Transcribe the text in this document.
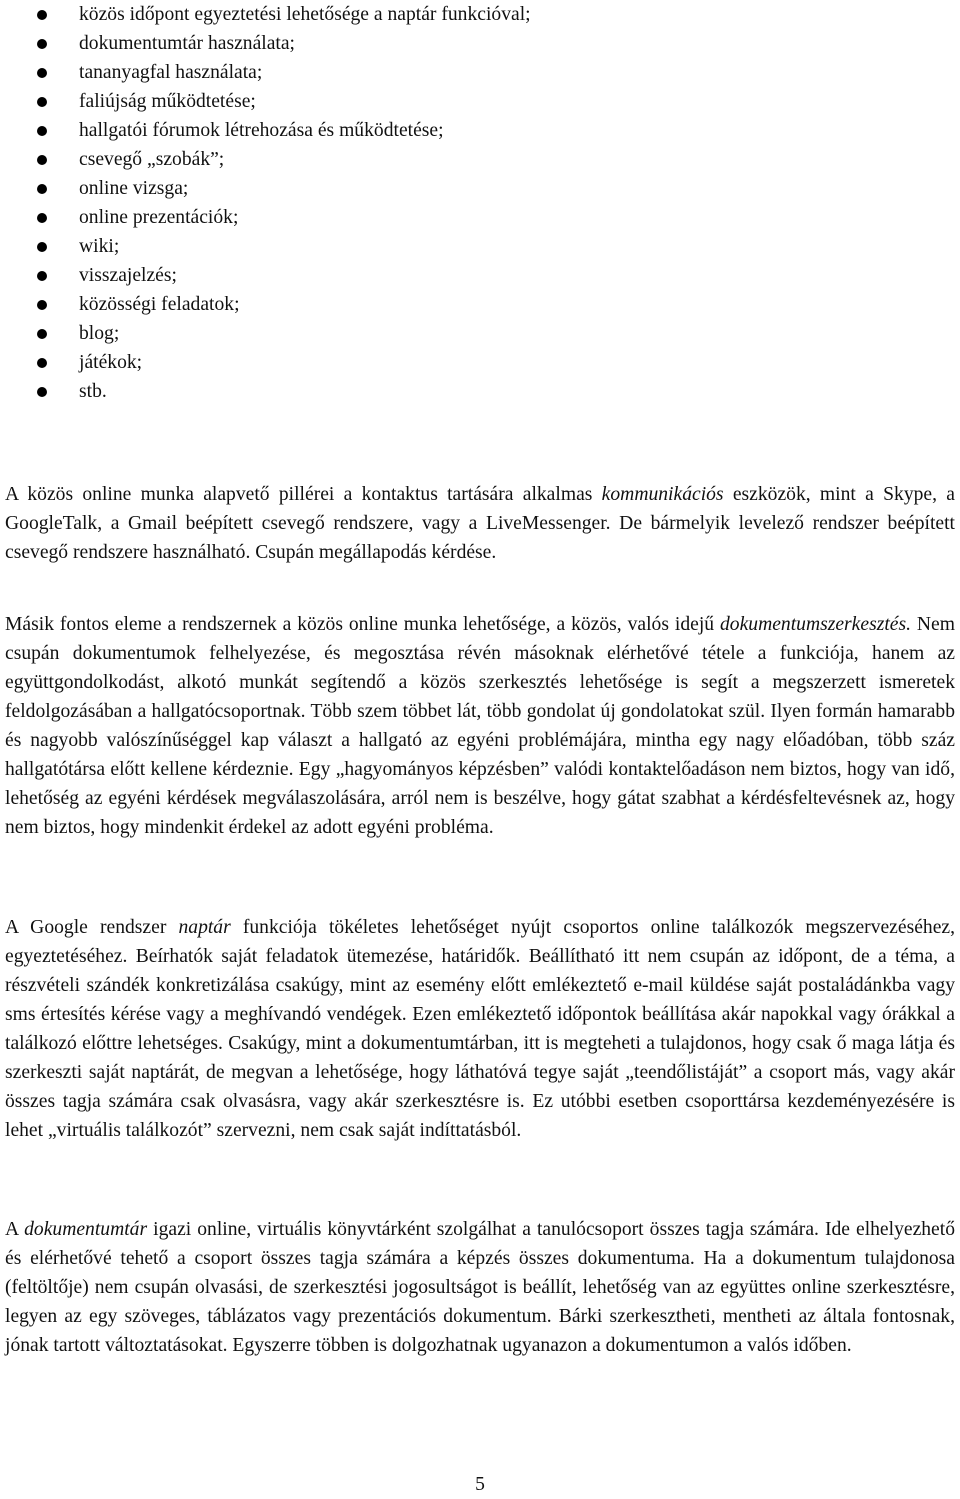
közös időpont egyeztetési lehetősége a naptár funkcióval;
dokumentumtár használata;
tananyagfal használata;
faliújság működtetése;
hallgatói fórumok létrehozása és működtetése;
csevegő „szobák”;
online vizsga;
online prezentációk;
wiki;
visszajelzés;
közösségi feladatok;
blog;
játékok;
stb.

A közös online munka alapvető pillérei a kontaktus tartására alkalmas kommunikációs eszközök, mint a Skype, a GoogleTalk, a Gmail beépített csevegő rendszere, vagy a LiveMessenger. De bármelyik levelező rendszer beépített csevegő rendszere használható. Csupán megállapodás kérdése.

Másik fontos eleme a rendszernek a közös online munka lehetősége, a közös, valós idejű dokumentumszerkesztés. Nem csupán dokumentumok felhelyezése, és megosztása révén másoknak elérhetővé tétele a funkciója, hanem az együttgondolkodást, alkotó munkát segítendő a közös szerkesztés lehetősége is segít a megszerzett ismeretek feldolgozásában a hallgatócsoportnak. Több szem többet lát, több gondolat új gondolatokat szül. Ilyen formán hamarabb és nagyobb valószínűséggel kap választ a hallgató az egyéni problémájára, mintha egy nagy előadóban, több száz hallgatótársa előtt kellene kérdeznie. Egy „hagyományos képzésben” valódi kontaktelőadáson nem biztos, hogy van idő, lehetőség az egyéni kérdések megválaszolására, arról nem is beszélve, hogy gátat szabhat a kérdésfeltevésnek az, hogy nem biztos, hogy mindenkit érdekel az adott egyéni probléma.

A Google rendszer naptár funkciója tökéletes lehetőséget nyújt csoportos online találkozók megszervezéséhez, egyeztetéséhez. Beírhatók saját feladatok ütemezése, határidők. Beállítható itt nem csupán az időpont, de a téma, a részvételi szándék konkretizálása csakúgy, mint az esemény előtt emlékeztető e-mail küldése saját postaládánkba vagy sms értesítés kérése vagy a meghívandó vendégek. Ezen emlékeztető időpontok beállítása akár napokkal vagy órákkal a találkozó előttre lehetséges. Csakúgy, mint a dokumentumtárban, itt is megteheti a tulajdonos, hogy csak ő maga látja és szerkeszti saját naptárát, de megvan a lehetősége, hogy láthatóvá tegye saját „teendőlistáját” a csoport más, vagy akár összes tagja számára csak olvasásra, vagy akár szerkesztésre is. Ez utóbbi esetben csoporttársa kezdeményezésére is lehet „virtuális találkozót” szervezni, nem csak saját indíttatásból.

A dokumentumtár igazi online, virtuális könyvtárként szolgálhat a tanulócsoport összes tagja számára. Ide elhelyezhető és elérhetővé tehető a csoport összes tagja számára a képzés összes dokumentuma. Ha a dokumentum tulajdonosa (feltöltője) nem csupán olvasási, de szerkesztési jogosultságot is beállít, lehetőség van az együttes online szerkesztésre, legyen az egy szöveges, táblázatos vagy prezentációs dokumentum. Bárki szerkesztheti, mentheti az általa fontosnak, jónak tartott változtatásokat. Egyszerre többen is dolgozhatnak ugyanazon a dokumentumon a valós időben.

5
